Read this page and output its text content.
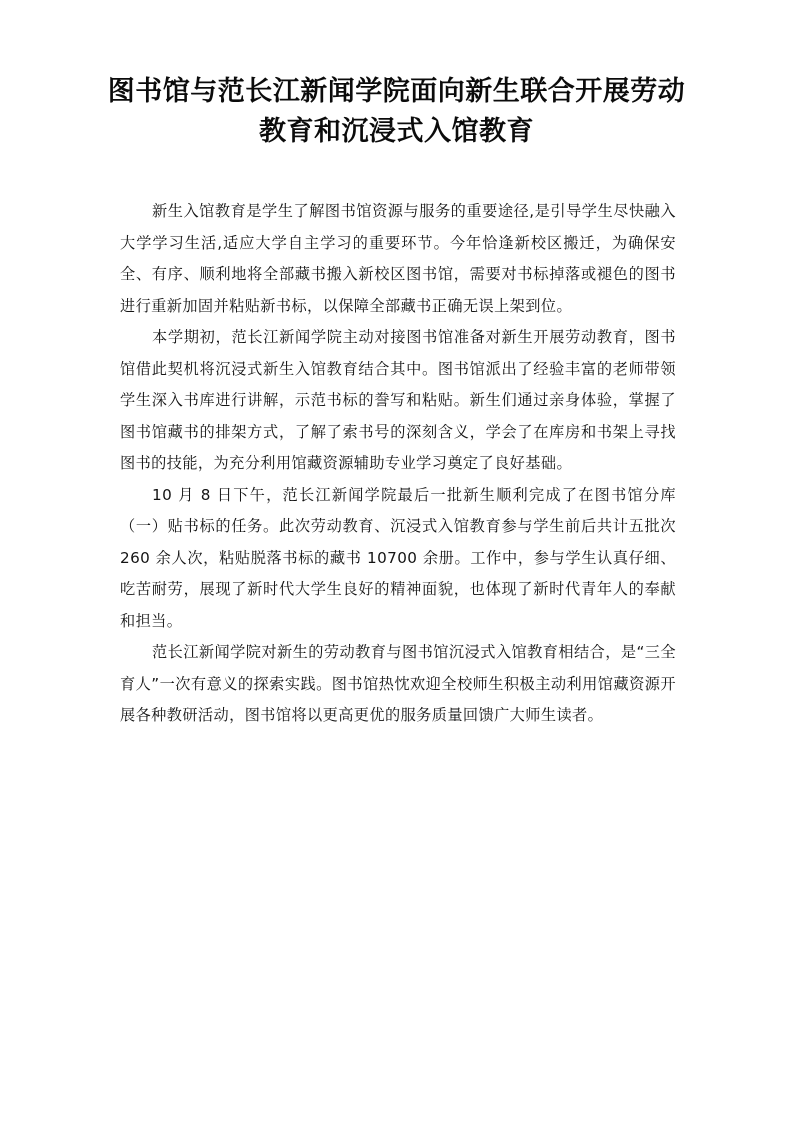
图书馆与范长江新闻学院面向新生联合开展劳动教育和沉浸式入馆教育

新生入馆教育是学生了解图书馆资源与服务的重要途径,是引导学生尽快融入大学学习生活,适应大学自主学习的重要环节。今年恰逢新校区搬迁，为确保安全、有序、顺利地将全部藏书搬入新校区图书馆，需要对书标掉落或褪色的图书进行重新加固并粘贴新书标，以保障全部藏书正确无误上架到位。

本学期初，范长江新闻学院主动对接图书馆准备对新生开展劳动教育，图书馆借此契机将沉浸式新生入馆教育结合其中。图书馆派出了经验丰富的老师带领学生深入书库进行讲解，示范书标的誊写和粘贴。新生们通过亲身体验，掌握了图书馆藏书的排架方式，了解了索书号的深刻含义，学会了在库房和书架上寻找图书的技能，为充分利用馆藏资源辅助专业学习奠定了良好基础。

10 月 8 日下午，范长江新闻学院最后一批新生顺利完成了在图书馆分库（一）贴书标的任务。此次劳动教育、沉浸式入馆教育参与学生前后共计五批次 260 余人次，粘贴脱落书标的藏书 10700 余册。工作中，参与学生认真仔细、吃苦耐劳，展现了新时代大学生良好的精神面貌，也体现了新时代青年人的奉献和担当。

范长江新闻学院对新生的劳动教育与图书馆沉浸式入馆教育相结合，是“三全育人”一次有意义的探索实践。图书馆热忱欢迎全校师生积极主动利用馆藏资源开展各种教研活动，图书馆将以更高更优的服务质量回馈广大师生读者。
